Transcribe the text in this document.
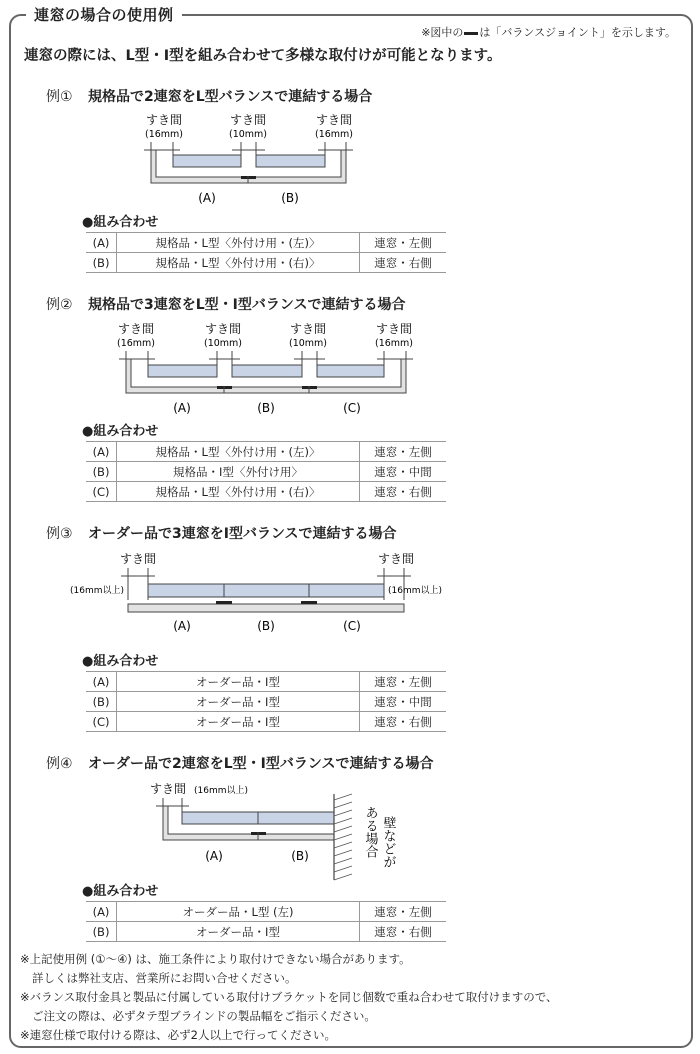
連窓の場合の使用例
※図中の は「バランスジョイント」を示します。
連窓の際には、L型・I型を組み合わせて多様な取付けが可能となります。
例① 規格品で2連窓をL型バランスで連結する場合
すき間
(16mm)
すき間
(10mm)
すき間
(16mm)
(A)	(B)
●組み合わせ
(A)	規格品・L型〈外付け用・(左)〉	連窓・左側
(B)	規格品・L型〈外付け用・(右)〉	連窓・右側
例② 規格品で3連窓をL型・I型バランスで連結する場合
すき間
(16mm)
すき間
(10mm)
すき間
(10mm)
すき間
(16mm)
(A)	(B)	(C)
●組み合わせ
(A)	規格品・L型〈外付け用・(左)〉	連窓・左側
(B)	規格品・I型〈外付け用〉	連窓・中間
(C)	規格品・L型〈外付け用・(右)〉	連窓・右側
例③ オーダー品で3連窓をI型バランスで連結する場合
すき間	すき間
(16mm以上)	(16mm以上)
(A)	(B)	(C)
●組み合わせ
(A)	オーダー品・I型	連窓・左側
(B)	オーダー品・I型	連窓・中間
(C)	オーダー品・I型	連窓・右側
例④ オーダー品で2連窓をL型・I型バランスで連結する場合
すき間 (16mm以上)
(A)	(B)	壁などが
ある場合
●組み合わせ
(A)	オーダー品・L型 (左)	連窓・左側
(B)	オーダー品・I型	連窓・右側
※上記使用例 (①〜④) は、施工条件により取付けできない場合があります。
詳しくは弊社支店、営業所にお問い合せください。
※バランス取付金具と製品に付属している取付けブラケットを同じ個数で重ね合わせて取付けますので、
ご注文の際は、必ずタテ型ブラインドの製品幅をご指示ください。
※連窓仕様で取付ける際は、必ず2人以上で行ってください。
